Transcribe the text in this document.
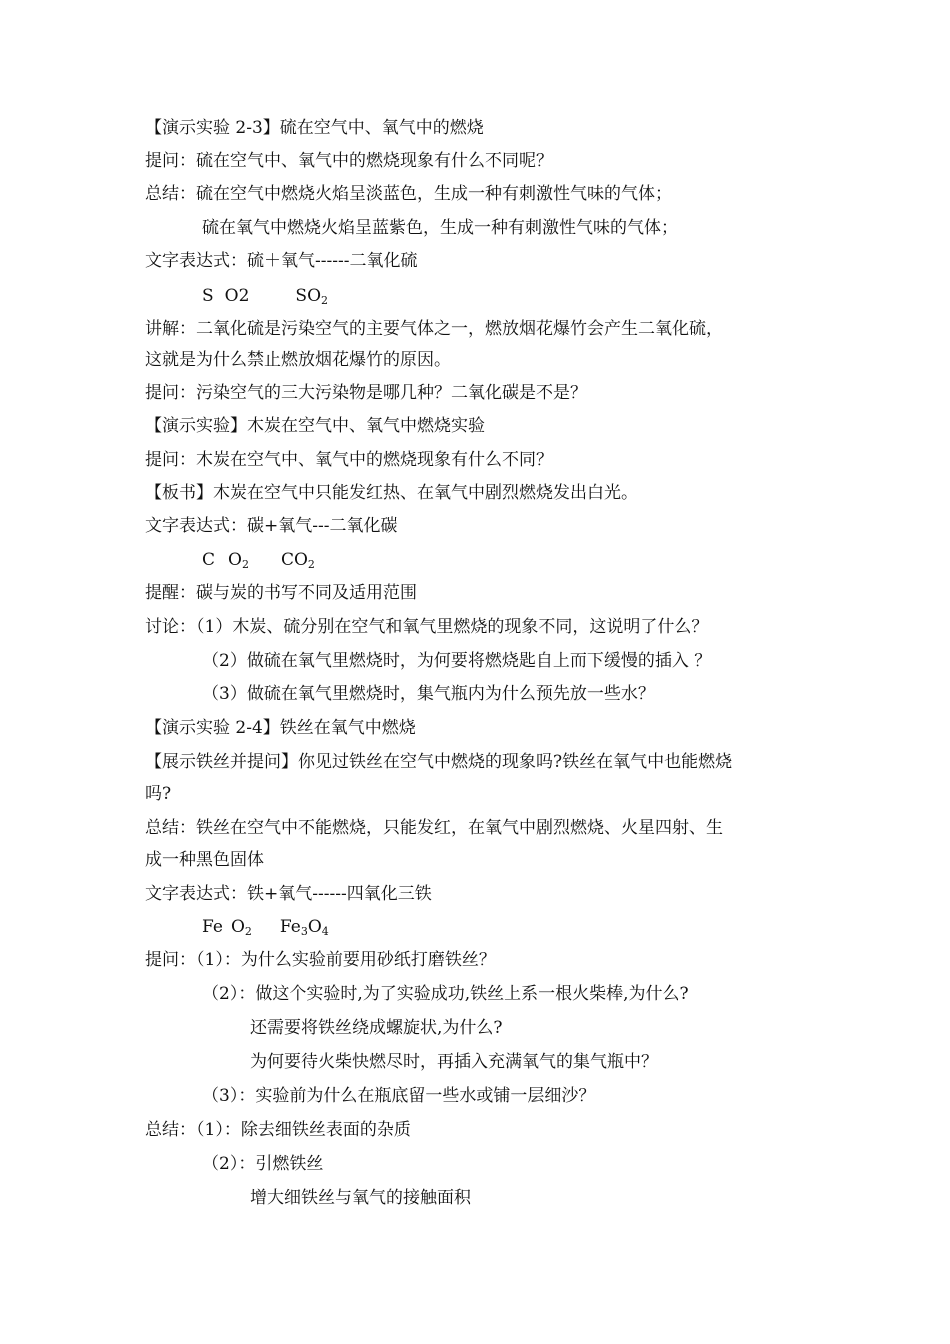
【演示实验 2-3】硫在空气中、氧气中的燃烧
提问：硫在空气中、氧气中的燃烧现象有什么不同呢？
总结：硫在空气中燃烧火焰呈淡蓝色，生成一种有刺激性气味的气体；
硫在氧气中燃烧火焰呈蓝紫色，生成一种有刺激性气味的气体；
文字表达式：硫＋氧气------二氧化硫
S O2	$SO_2$
讲解：二氧化硫是污染空气的主要气体之一，燃放烟花爆竹会产生二氧化硫，
这就是为什么禁止燃放烟花爆竹的原因。
提问：污染空气的三大污染物是哪几种？二氧化碳是不是？
【演示实验】木炭在空气中、氧气中燃烧实验
提问：木炭在空气中、氧气中的燃烧现象有什么不同？
【板书】木炭在空气中只能发红热、在氧气中剧烈燃烧发出白光。
文字表达式：碳+氧气---二氧化碳
C $O_2$ $CO_2$
提醒：碳与炭的书写不同及适用范围
讨论：（1）木炭、硫分别在空气和氧气里燃烧的现象不同，这说明了什么？
（2）做硫在氧气里燃烧时，为何要将燃烧匙自上而下缓慢的插入 ？
（3）做硫在氧气里燃烧时，集气瓶内为什么预先放一些水？
【演示实验 2-4】铁丝在氧气中燃烧
【展示铁丝并提问】你见过铁丝在空气中燃烧的现象吗?铁丝在氧气中也能燃烧
吗?
总结：铁丝在空气中不能燃烧，只能发红，在氧气中剧烈燃烧、火星四射、生
成一种黑色固体
文字表达式：铁+氧气------四氧化三铁
Fe $O_2$ $Fe_3O_4$
提问：（1）：为什么实验前要用砂纸打磨铁丝？
（2）：做这个实验时,为了实验成功,铁丝上系一根火柴棒,为什么?
还需要将铁丝绕成螺旋状,为什么?
为何要待火柴快燃尽时，再插入充满氧气的集气瓶中？
（3）：实验前为什么在瓶底留一些水或铺一层细沙？
总结：（1）：除去细铁丝表面的杂质
（2）：引燃铁丝
增大细铁丝与氧气的接触面积
